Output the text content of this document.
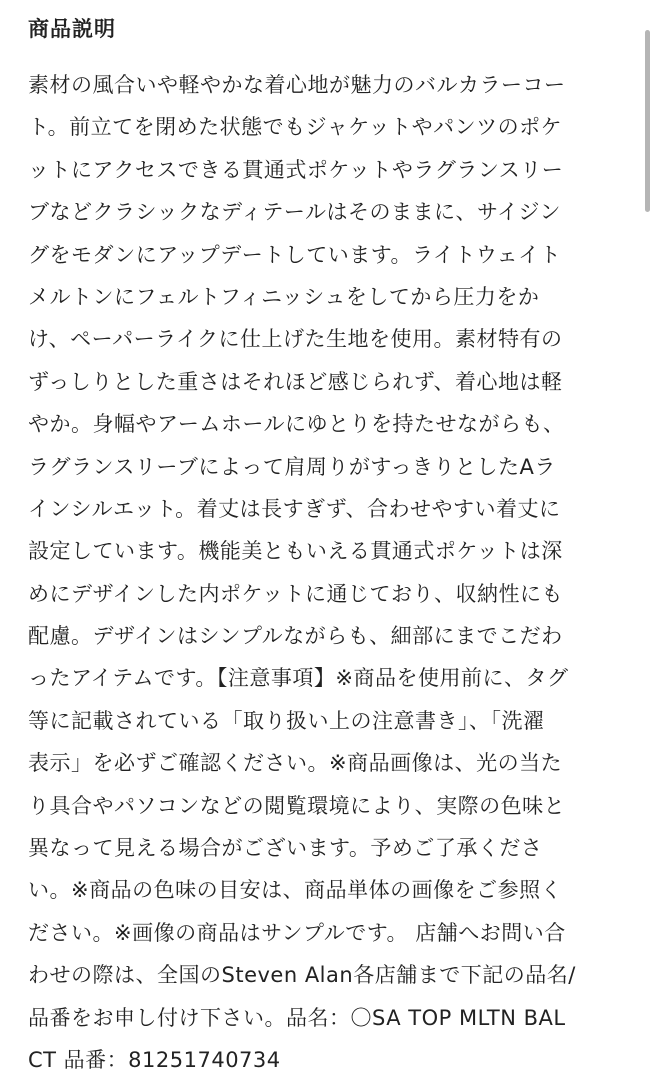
商品説明
素材の風合いや軽やかな着心地が魅力のバルカラーコー
ト。前立てを閉めた状態でもジャケットやパンツのポケ
ットにアクセスできる貫通式ポケットやラグランスリー
ブなどクラシックなディテールはそのままに、サイジン
グをモダンにアップデートしています。ライトウェイト
メルトンにフェルトフィニッシュをしてから圧力をか
け、ペーパーライクに仕上げた生地を使用。素材特有の
ずっしりとした重さはそれほど感じられず、着心地は軽
やか。身幅やアームホールにゆとりを持たせながらも、
ラグランスリーブによって肩周りがすっきりとしたAラ
インシルエット。着丈は長すぎず、合わせやすい着丈に
設定しています。機能美ともいえる貫通式ポケットは深
めにデザインした内ポケットに通じており、収納性にも
配慮。デザインはシンプルながらも、細部にまでこだわ
ったアイテムです。【注意事項】※商品を使用前に、タグ
等に記載されている「取り扱い上の注意書き」、「洗濯
表示」を必ずご確認ください。※商品画像は、光の当た
り具合やパソコンなどの閲覧環境により、実際の色味と
異なって見える場合がございます。予めご了承くださ
い。※商品の色味の目安は、商品単体の画像をご参照く
ださい。※画像の商品はサンプルです。 店舗へお問い合
わせの際は、全国のSteven Alan各店舗まで下記の品名/
品番をお申し付け下さい。品名：〇SA TOP MLTN BAL
CT 品番：81251740734
